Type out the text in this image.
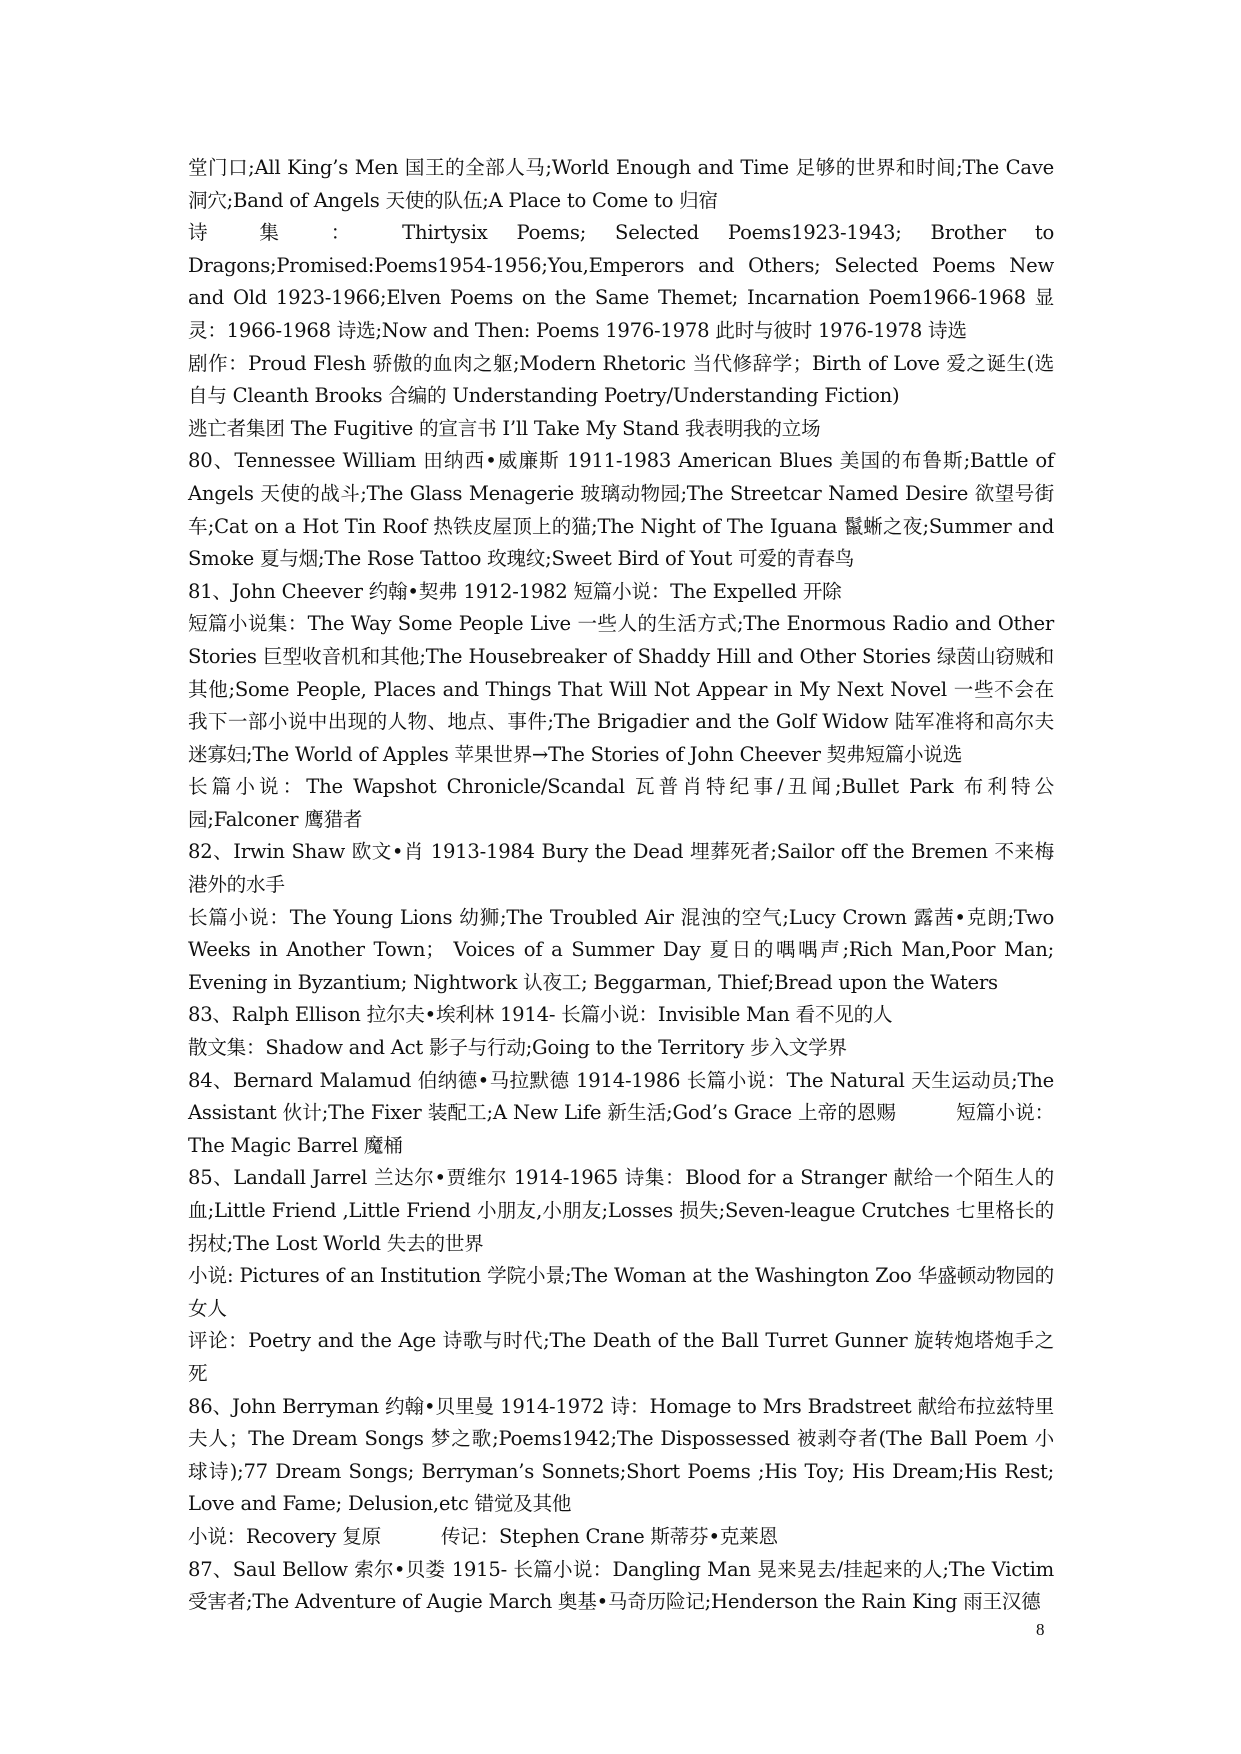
堂门口;All King’s Men 国王的全部人马;World Enough and Time 足够的世界和时间;The Cave 洞穴;Band of Angels 天使的队伍;A Place to Come to 归宿

诗 集 ： Thirtysix Poems; Selected Poems1923-1943; Brother to Dragons;Promised:Poems1954-1956;You,Emperors and Others; Selected Poems New and Old 1923-1966;Elven Poems on the Same Themet; Incarnation Poem1966-1968 显灵：1966-1968 诗选;Now and Then: Poems 1976-1978 此时与彼时 1976-1978 诗选

剧作：Proud Flesh 骄傲的血肉之躯;Modern Rhetoric 当代修辞学；Birth of Love 爱之诞生(选自与 Cleanth Brooks 合编的 Understanding Poetry/Understanding Fiction)

逃亡者集团 The Fugitive 的宣言书 I’ll Take My Stand 我表明我的立场

80、Tennessee William 田纳西•威廉斯 1911-1983 American Blues 美国的布鲁斯;Battle of Angels 天使的战斗;The Glass Menagerie 玻璃动物园;The Streetcar Named Desire 欲望号街车;Cat on a Hot Tin Roof 热铁皮屋顶上的猫;The Night of The Iguana 鬣蜥之夜;Summer and Smoke 夏与烟;The Rose Tattoo 玫瑰纹;Sweet Bird of Yout 可爱的青春鸟

81、John Cheever 约翰•契弗 1912-1982 短篇小说：The Expelled 开除

短篇小说集：The Way Some People Live 一些人的生活方式;The Enormous Radio and Other Stories 巨型收音机和其他;The Housebreaker of Shaddy Hill and Other Stories 绿茵山窃贼和其他;Some People, Places and Things That Will Not Appear in My Next Novel 一些不会在我下一部小说中出现的人物、地点、事件;The Brigadier and the Golf Widow 陆军准将和高尔夫迷寡妇;The World of Apples 苹果世界→The Stories of John Cheever 契弗短篇小说选

长篇小说：The Wapshot Chronicle/Scandal 瓦普肖特纪事/丑闻;Bullet Park 布利特公园;Falconer 鹰猎者

82、Irwin Shaw 欧文•肖 1913-1984 Bury the Dead 埋葬死者;Sailor off the Bremen 不来梅港外的水手

长篇小说：The Young Lions 幼狮;The Troubled Air 混浊的空气;Lucy Crown 露茜•克朗;Two Weeks in Another Town； Voices of a Summer Day 夏日的喁喁声;Rich Man,Poor Man; Evening in Byzantium; Nightwork 认夜工; Beggarman, Thief;Bread upon the Waters

83、Ralph Ellison 拉尔夫•埃利林 1914- 长篇小说：Invisible Man 看不见的人

散文集：Shadow and Act 影子与行动;Going to the Territory 步入文学界

84、Bernard Malamud 伯纳德•马拉默德 1914-1986 长篇小说：The Natural 天生运动员;The Assistant 伙计;The Fixer 装配工;A New Life 新生活;God’s Grace 上帝的恩赐	短篇小说：The Magic Barrel 魔桶

85、Landall Jarrel 兰达尔•贾维尔 1914-1965 诗集：Blood for a Stranger 献给一个陌生人的血;Little Friend ,Little Friend 小朋友,小朋友;Losses 损失;Seven-league Crutches 七里格长的拐杖;The Lost World 失去的世界

小说: Pictures of an Institution 学院小景;The Woman at the Washington Zoo 华盛顿动物园的女人

评论：Poetry and the Age 诗歌与时代;The Death of the Ball Turret Gunner 旋转炮塔炮手之死

86、John Berryman 约翰•贝里曼 1914-1972 诗：Homage to Mrs Bradstreet 献给布拉兹特里夫人；The Dream Songs 梦之歌;Poems1942;The Dispossessed 被剥夺者(The Ball Poem 小球诗);77 Dream Songs; Berryman’s Sonnets;Short Poems ;His Toy; His Dream;His Rest; Love and Fame; Delusion,etc 错觉及其他

小说：Recovery 复原	传记：Stephen Crane 斯蒂芬•克莱恩

87、Saul Bellow 索尔•贝娄 1915- 长篇小说：Dangling Man 晃来晃去/挂起来的人;The Victim 受害者;The Adventure of Augie March 奥基•马奇历险记;Henderson the Rain King 雨王汉德

8
